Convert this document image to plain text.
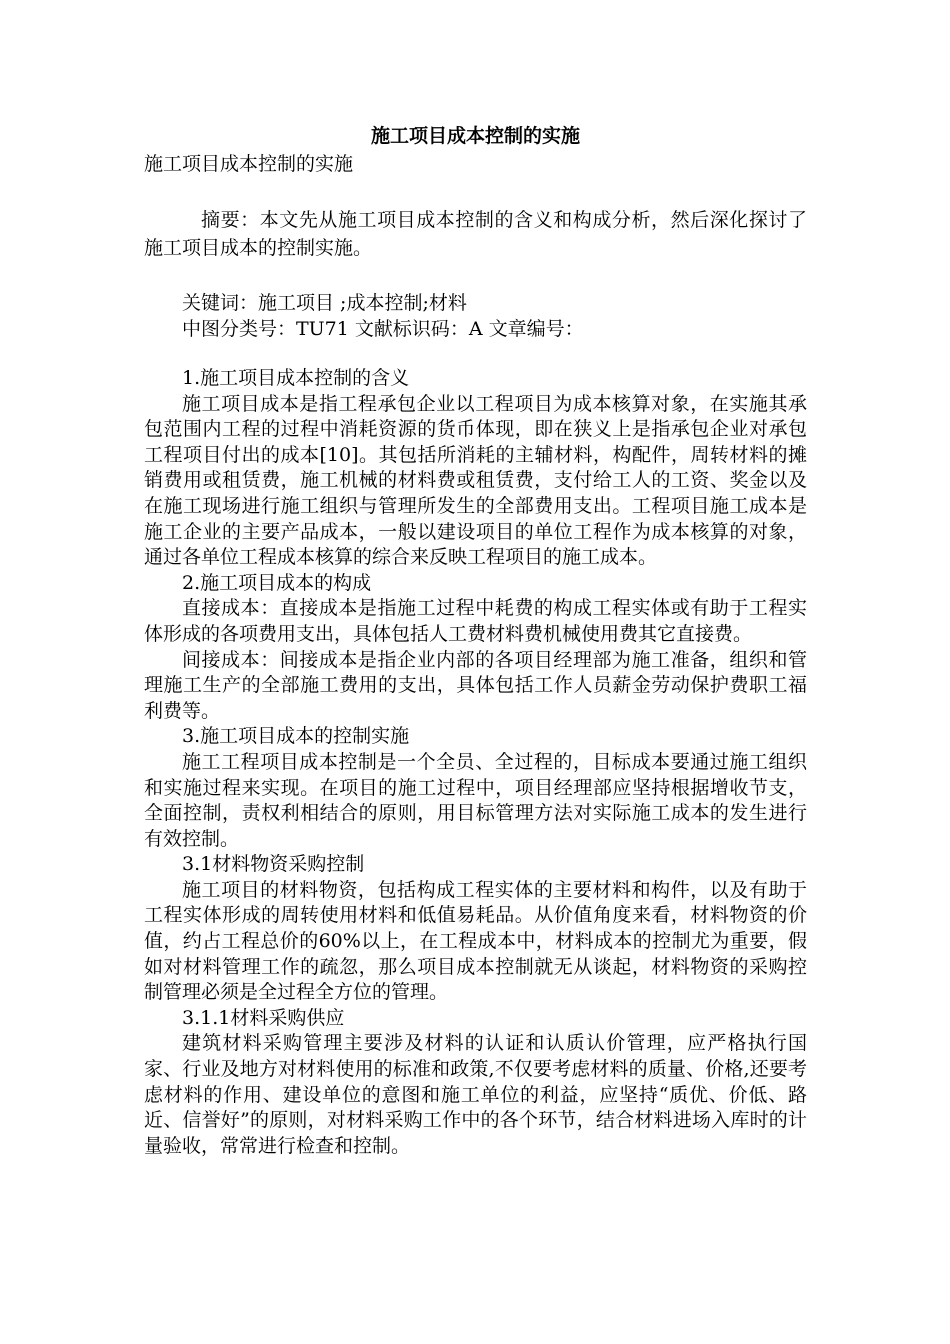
施工项目成本控制的实施

施工项目成本控制的实施

摘要：本文先从施工项目成本控制的含义和构成分析，然后深化探讨了施工项目成本的控制实施。

关键词：施工项目 ;成本控制;材料

中图分类号：TU71 文献标识码：A 文章编号：

1.施工项目成本控制的含义

施工项目成本是指工程承包企业以工程项目为成本核算对象，在实施其承包范围内工程的过程中消耗资源的货币体现，即在狭义上是指承包企业对承包工程项目付出的成本[10]。其包括所消耗的主辅材料，构配件，周转材料的摊销费用或租赁费，施工机械的材料费或租赁费，支付给工人的工资、奖金以及在施工现场进行施工组织与管理所发生的全部费用支出。工程项目施工成本是施工企业的主要产品成本，一般以建设项目的单位工程作为成本核算的对象，通过各单位工程成本核算的综合来反映工程项目的施工成本。

2.施工项目成本的构成

直接成本：直接成本是指施工过程中耗费的构成工程实体或有助于工程实体形成的各项费用支出，具体包括人工费材料费机械使用费其它直接费。

间接成本：间接成本是指企业内部的各项目经理部为施工准备，组织和管理施工生产的全部施工费用的支出，具体包括工作人员薪金劳动保护费职工福利费等。

3.施工项目成本的控制实施

施工工程项目成本控制是一个全员、全过程的，目标成本要通过施工组织和实施过程来实现。在项目的施工过程中，项目经理部应坚持根据增收节支，全面控制，责权利相结合的原则，用目标管理方法对实际施工成本的发生进行有效控制。

3.1材料物资采购控制

施工项目的材料物资，包括构成工程实体的主要材料和构件，以及有助于工程实体形成的周转使用材料和低值易耗品。从价值角度来看，材料物资的价值，约占工程总价的60%以上，在工程成本中，材料成本的控制尤为重要，假如对材料管理工作的疏忽，那么项目成本控制就无从谈起，材料物资的采购控制管理必须是全过程全方位的管理。

3.1.1材料采购供应

建筑材料采购管理主要涉及材料的认证和认质认价管理，应严格执行国家、行业及地方对材料使用的标准和政策,不仅要考虑材料的质量、价格,还要考虑材料的作用、建设单位的意图和施工单位的利益，应坚持“质优、价低、路近、信誉好”的原则，对材料采购工作中的各个环节，结合材料进场入库时的计量验收，常常进行检查和控制。
